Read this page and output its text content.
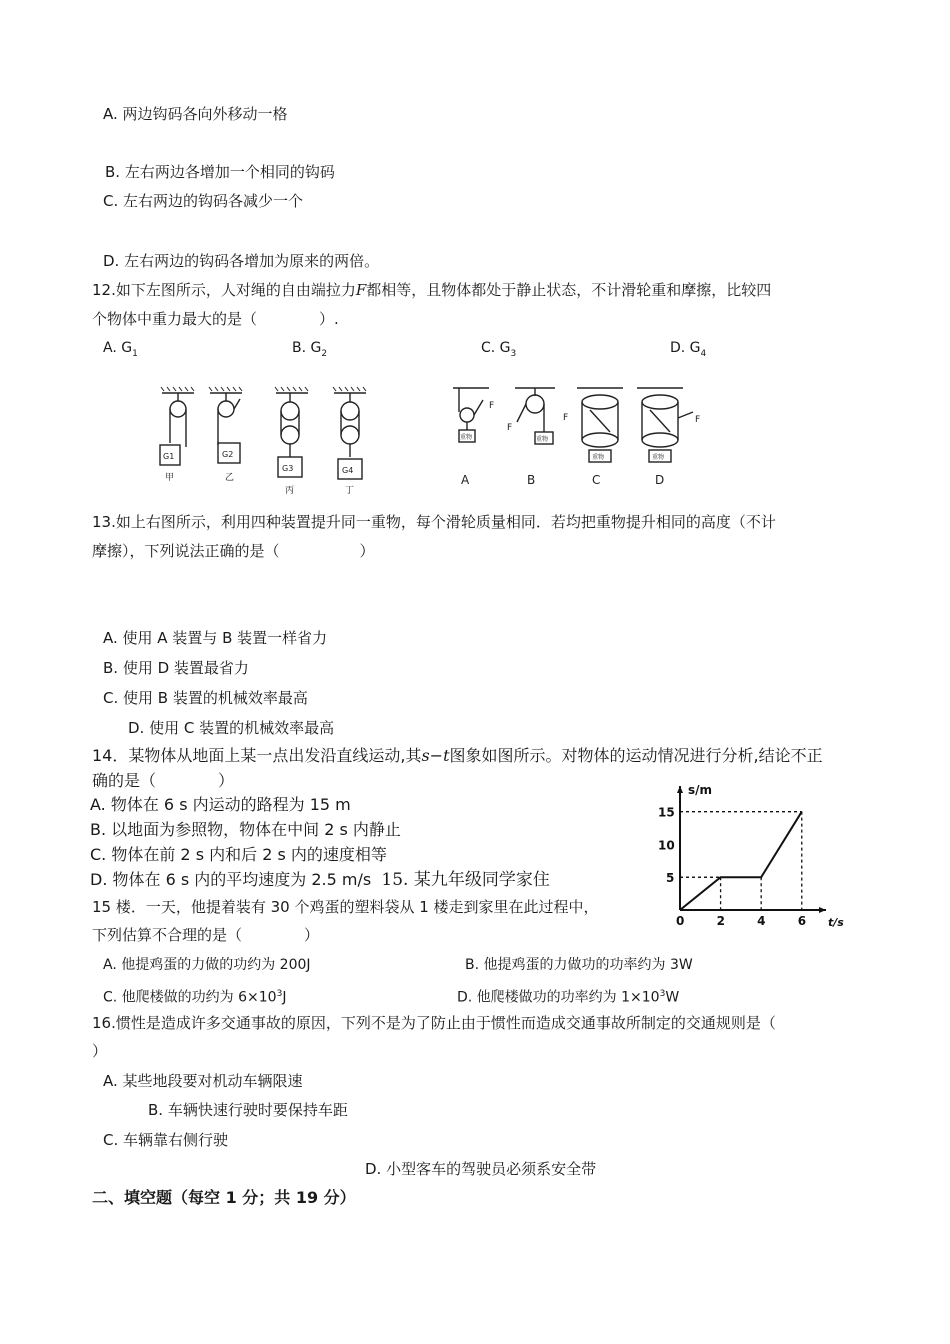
A. 两边钩码各向外移动一格
B. 左右两边各增加一个相同的钩码
C. 左右两边的钩码各减少一个
D. 左右两边的钩码各增加为原来的两倍。
12.如下左图所示，人对绳的自由端拉力F都相等，且物体都处于静止状态，不计滑轮重和摩擦，比较四
个物体中重力最大的是（	）.
A. $G_1$	B. $G_2$	C. $G_3$	D. $G_4$
G1	G2
G3	G4
甲	乙
丙	丁
F
F
F	F
重物	重物
重物	重物
A	B	C	D
13.如上右图所示，利用四种装置提升同一重物，每个滑轮质量相同．若均把重物提升相同的高度（不计
摩擦），下列说法正确的是（	）
A. 使用 A 装置与 B 装置一样省力
B. 使用 D 装置最省力
C. 使用 B 装置的机械效率最高
D. 使用 C 装置的机械效率最高
14．某物体从地面上某一点出发沿直线运动,其s−t图象如图所示。对物体的运动情况进行分析,结论不正
确的是（	）
A. 物体在 6 s 内运动的路程为 15 m
B. 以地面为参照物，物体在中间 2 s 内静止
C. 物体在前 2 s 内和后 2 s 内的速度相等
D. 物体在 6 s 内的平均速度为 2.5 m/s 15. 某九年级同学家住
s/m
t/s
0	2	4	6
5
10
15
15 楼．一天，他提着装有 30 个鸡蛋的塑料袋从 1 楼走到家里在此过程中，
下列估算不合理的是（	）
A. 他提鸡蛋的力做的功约为 200J	B. 他提鸡蛋的力做功的功率约为 3W
C. 他爬楼做的功约为 $6\times 10^3J$	D. 他爬楼做功的功率约为 $1\times 10^3W$
16.惯性是造成许多交通事故的原因，下列不是为了防止由于惯性而造成交通事故所制定的交通规则是（
）
A. 某些地段要对机动车辆限速
B. 车辆快速行驶时要保持车距
C. 车辆靠右侧行驶
D. 小型客车的驾驶员必须系安全带
二、填空题（每空 1 分；共 19 分）
